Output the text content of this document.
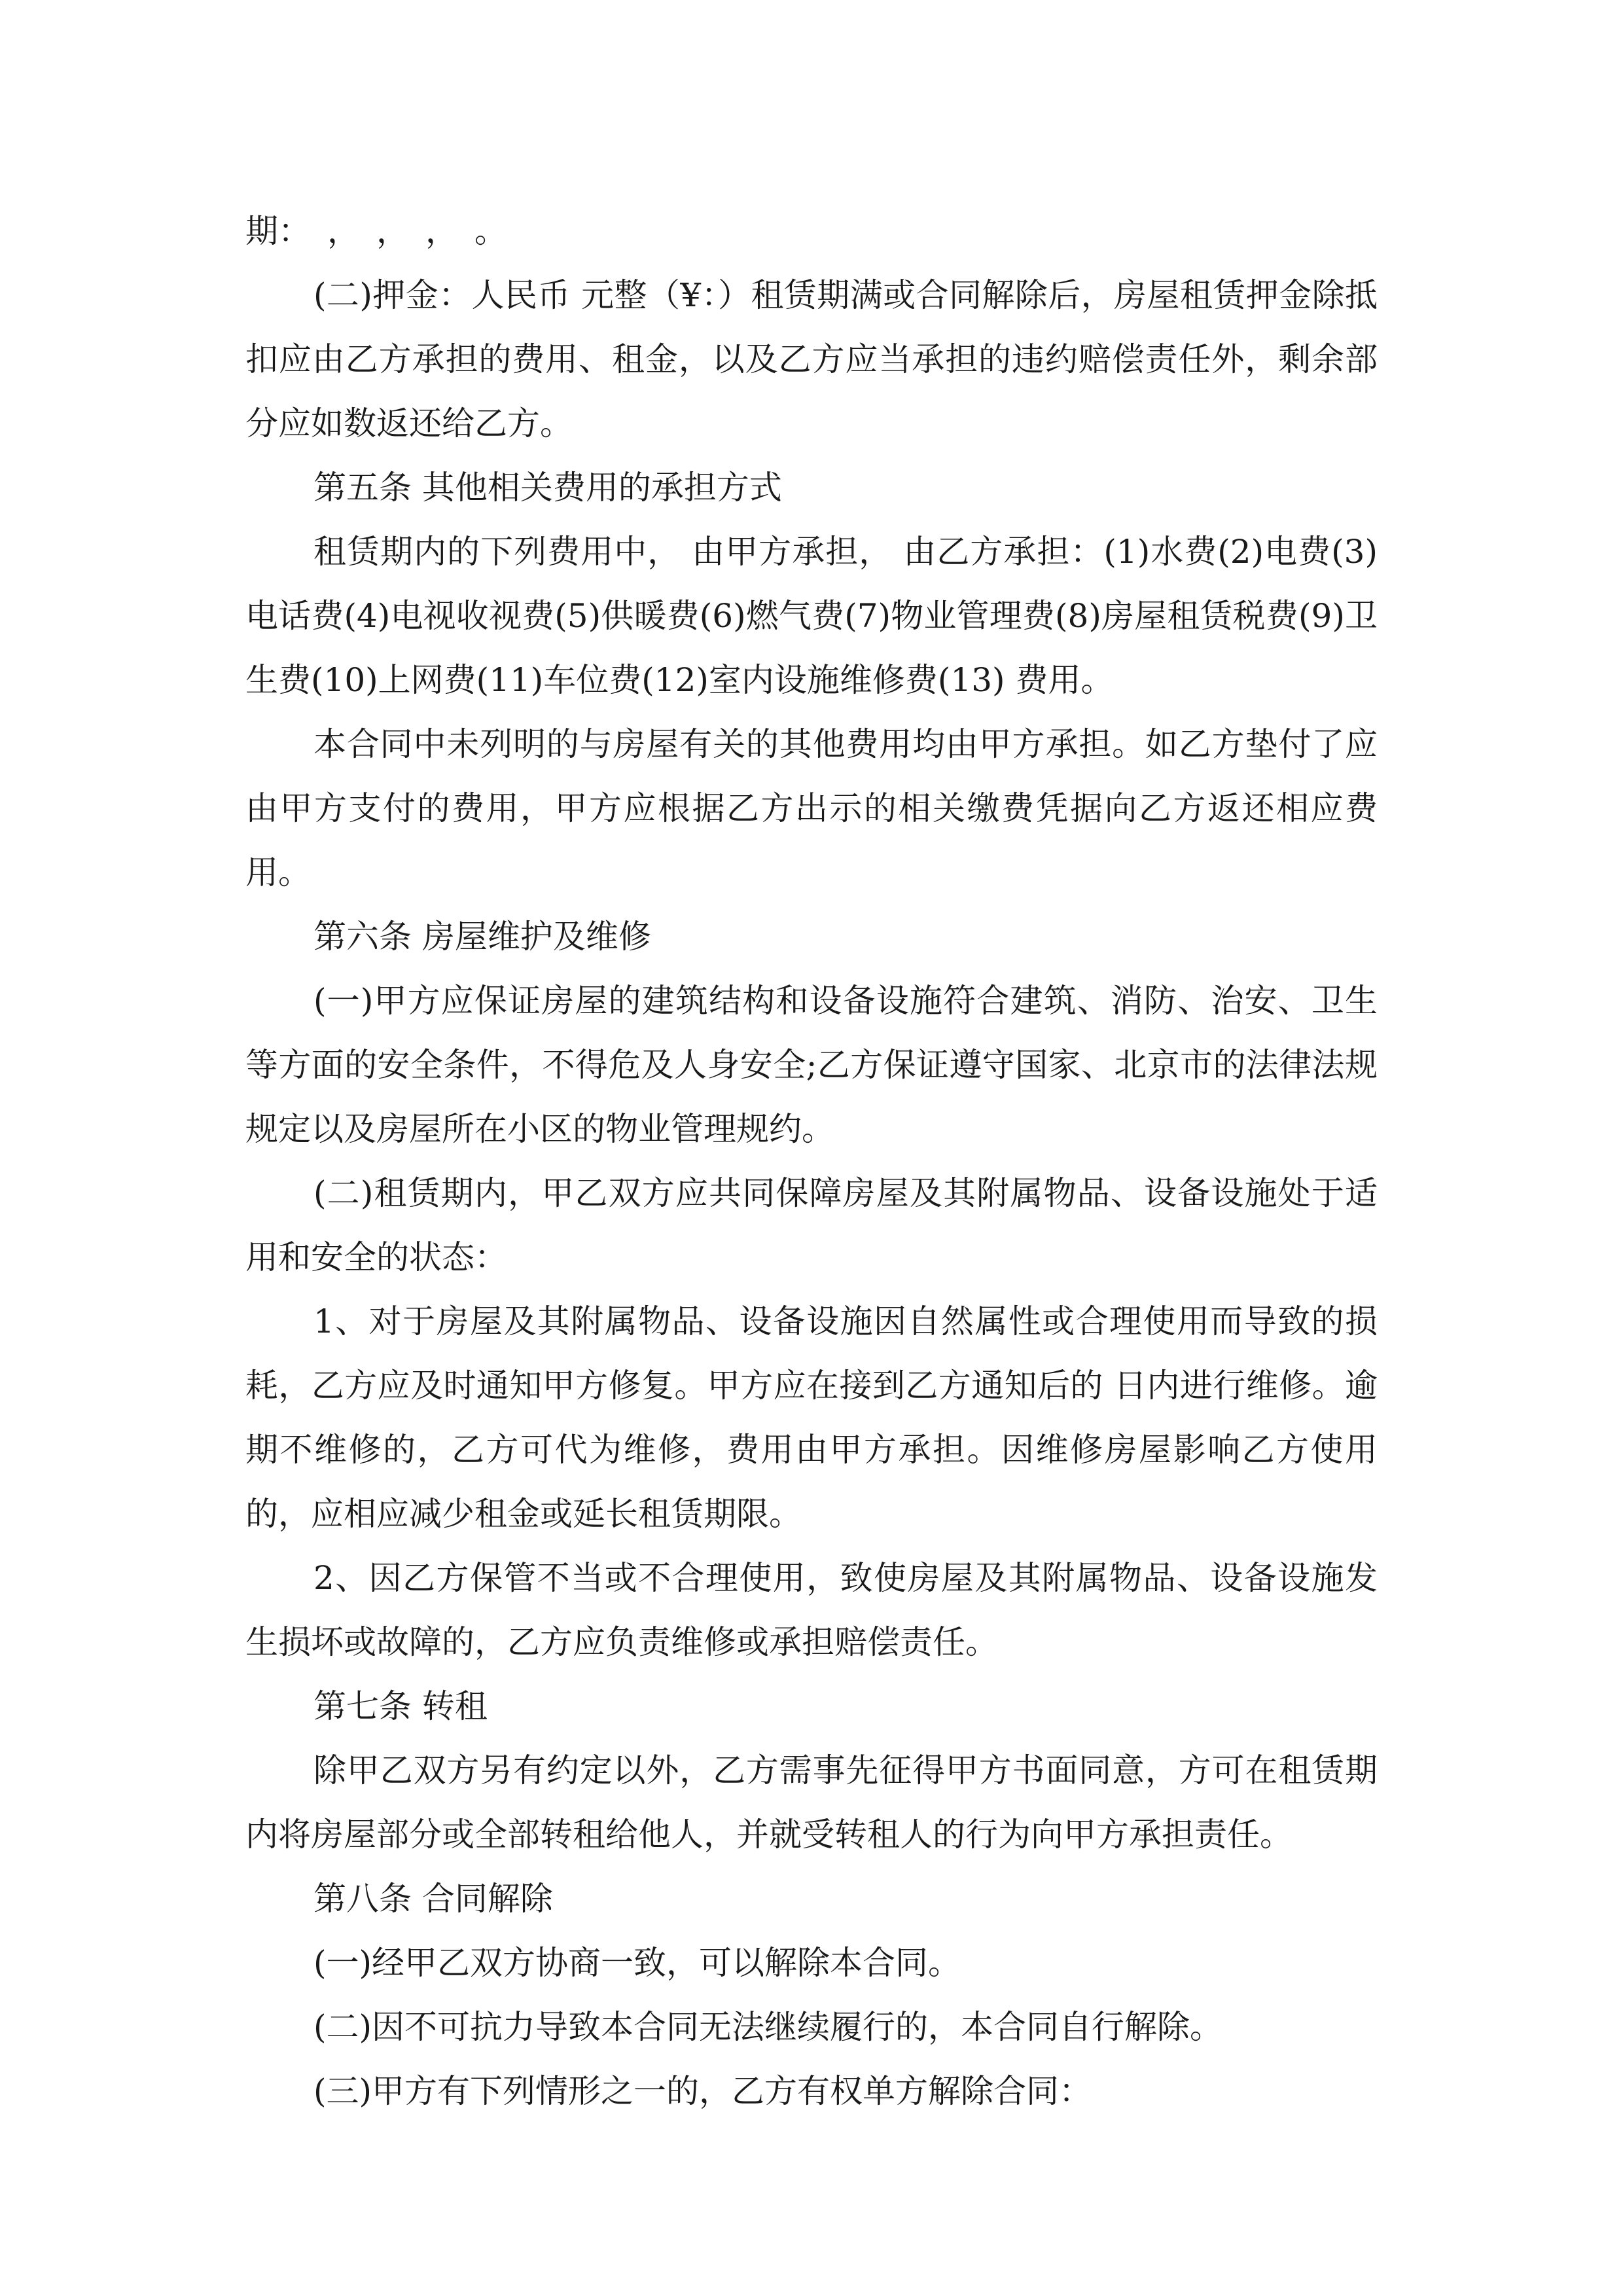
期：　，　，　，　。

(二)押金：人民币 元整（¥：）租赁期满或合同解除后，房屋租赁押金除抵扣应由乙方承担的费用、租金，以及乙方应当承担的违约赔偿责任外，剩余部分应如数返还给乙方。

第五条 其他相关费用的承担方式

租赁期内的下列费用中， 由甲方承担， 由乙方承担：(1)水费(2)电费(3)电话费(4)电视收视费(5)供暖费(6)燃气费(7)物业管理费(8)房屋租赁税费(9)卫生费(10)上网费(11)车位费(12)室内设施维修费(13) 费用。

本合同中未列明的与房屋有关的其他费用均由甲方承担。如乙方垫付了应由甲方支付的费用，甲方应根据乙方出示的相关缴费凭据向乙方返还相应费用。

第六条 房屋维护及维修

(一)甲方应保证房屋的建筑结构和设备设施符合建筑、消防、治安、卫生等方面的安全条件，不得危及人身安全;乙方保证遵守国家、北京市的法律法规规定以及房屋所在小区的物业管理规约。

(二)租赁期内，甲乙双方应共同保障房屋及其附属物品、设备设施处于适用和安全的状态：

1、对于房屋及其附属物品、设备设施因自然属性或合理使用而导致的损耗，乙方应及时通知甲方修复。甲方应在接到乙方通知后的 日内进行维修。逾期不维修的，乙方可代为维修，费用由甲方承担。因维修房屋影响乙方使用的，应相应减少租金或延长租赁期限。

2、因乙方保管不当或不合理使用，致使房屋及其附属物品、设备设施发生损坏或故障的，乙方应负责维修或承担赔偿责任。

第七条 转租

除甲乙双方另有约定以外，乙方需事先征得甲方书面同意，方可在租赁期内将房屋部分或全部转租给他人，并就受转租人的行为向甲方承担责任。

第八条 合同解除

(一)经甲乙双方协商一致，可以解除本合同。

(二)因不可抗力导致本合同无法继续履行的，本合同自行解除。

(三)甲方有下列情形之一的，乙方有权单方解除合同：
